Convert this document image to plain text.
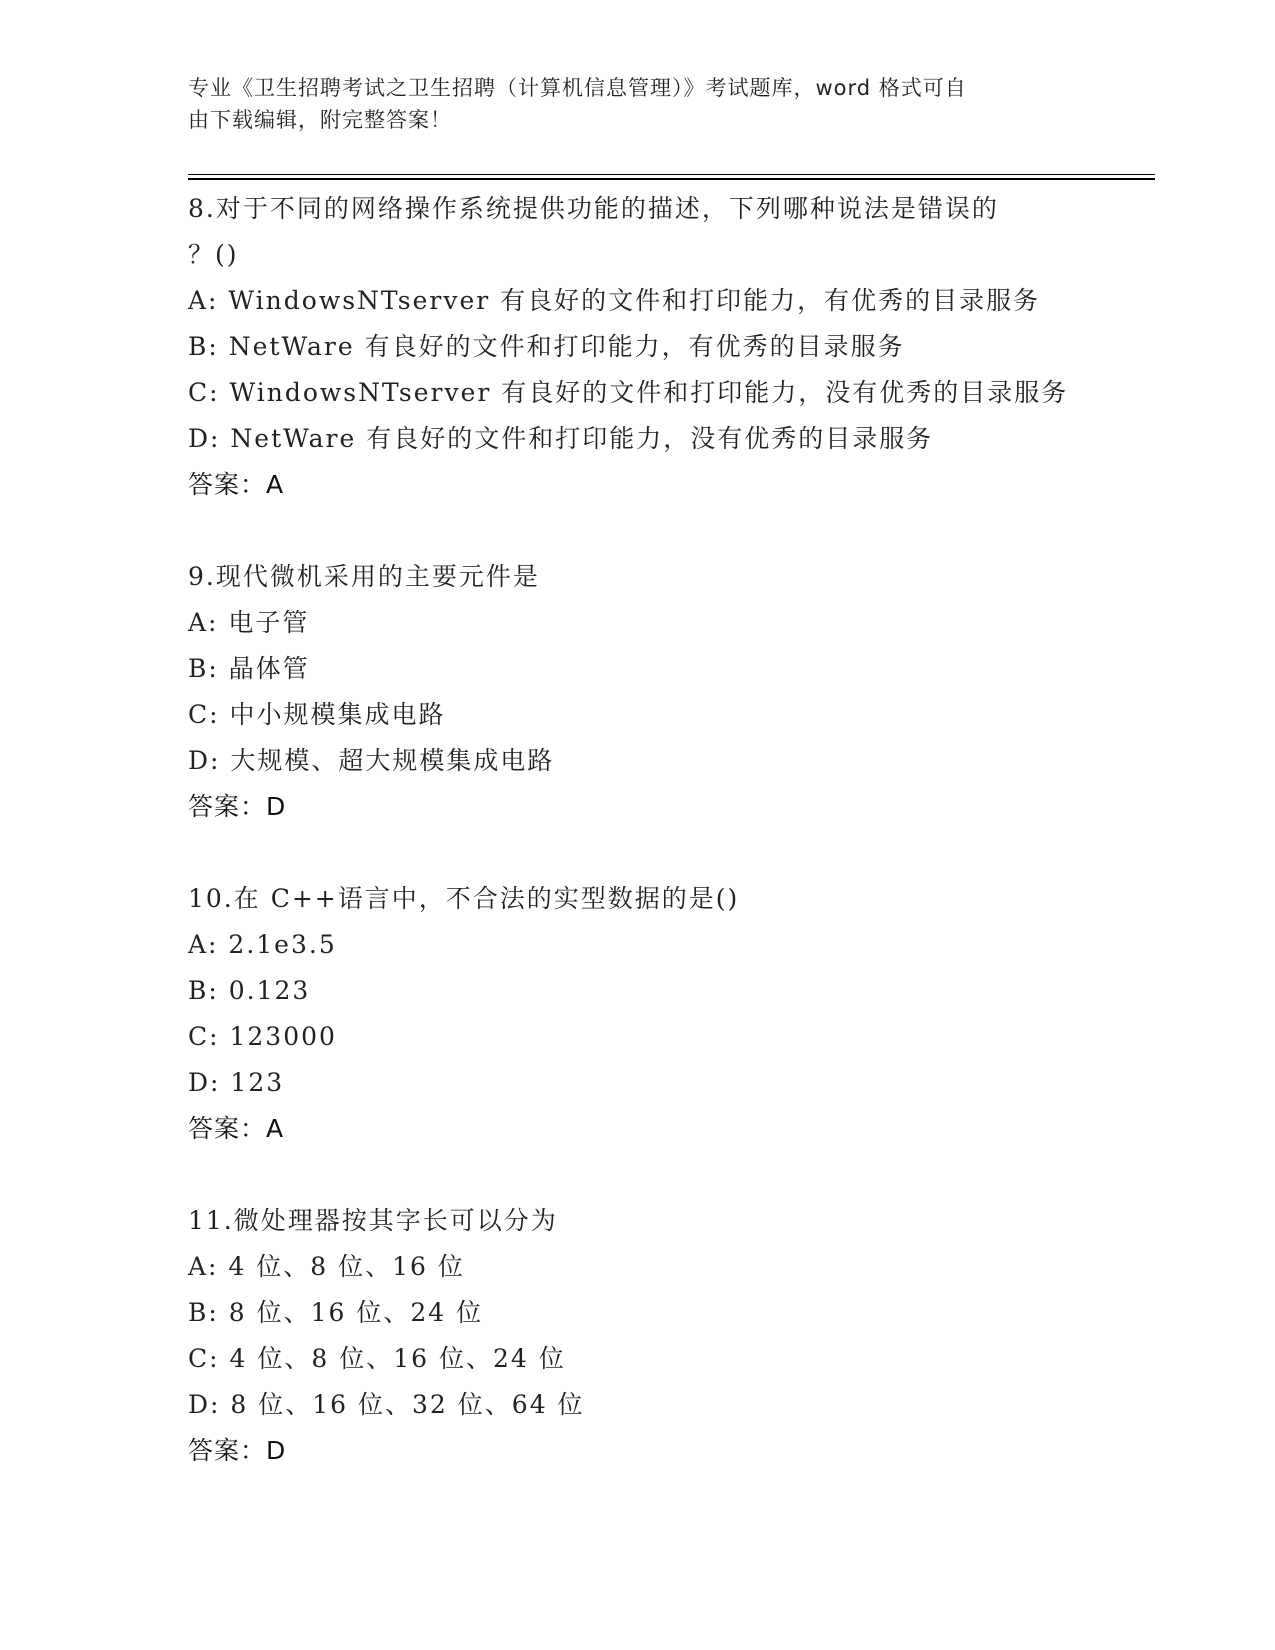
专业《卫生招聘考试之卫生招聘（计算机信息管理）》考试题库，word 格式可自
由下载编辑，附完整答案！
8.对于不同的网络操作系统提供功能的描述，下列哪种说法是错误的
？()
A: WindowsNTserver 有良好的文件和打印能力，有优秀的目录服务
B: NetWare 有良好的文件和打印能力，有优秀的目录服务
C: WindowsNTserver 有良好的文件和打印能力，没有优秀的目录服务
D: NetWare 有良好的文件和打印能力，没有优秀的目录服务
答案：A
9.现代微机采用的主要元件是
A: 电子管
B: 晶体管
C: 中小规模集成电路
D: 大规模、超大规模集成电路
答案：D
10.在 C++语言中，不合法的实型数据的是()
A: 2.1e3.5
B: 0.123
C: 123000
D: 123
答案：A
11.微处理器按其字长可以分为
A: 4 位、8 位、16 位
B: 8 位、16 位、24 位
C: 4 位、8 位、16 位、24 位
D: 8 位、16 位、32 位、64 位
答案：D
